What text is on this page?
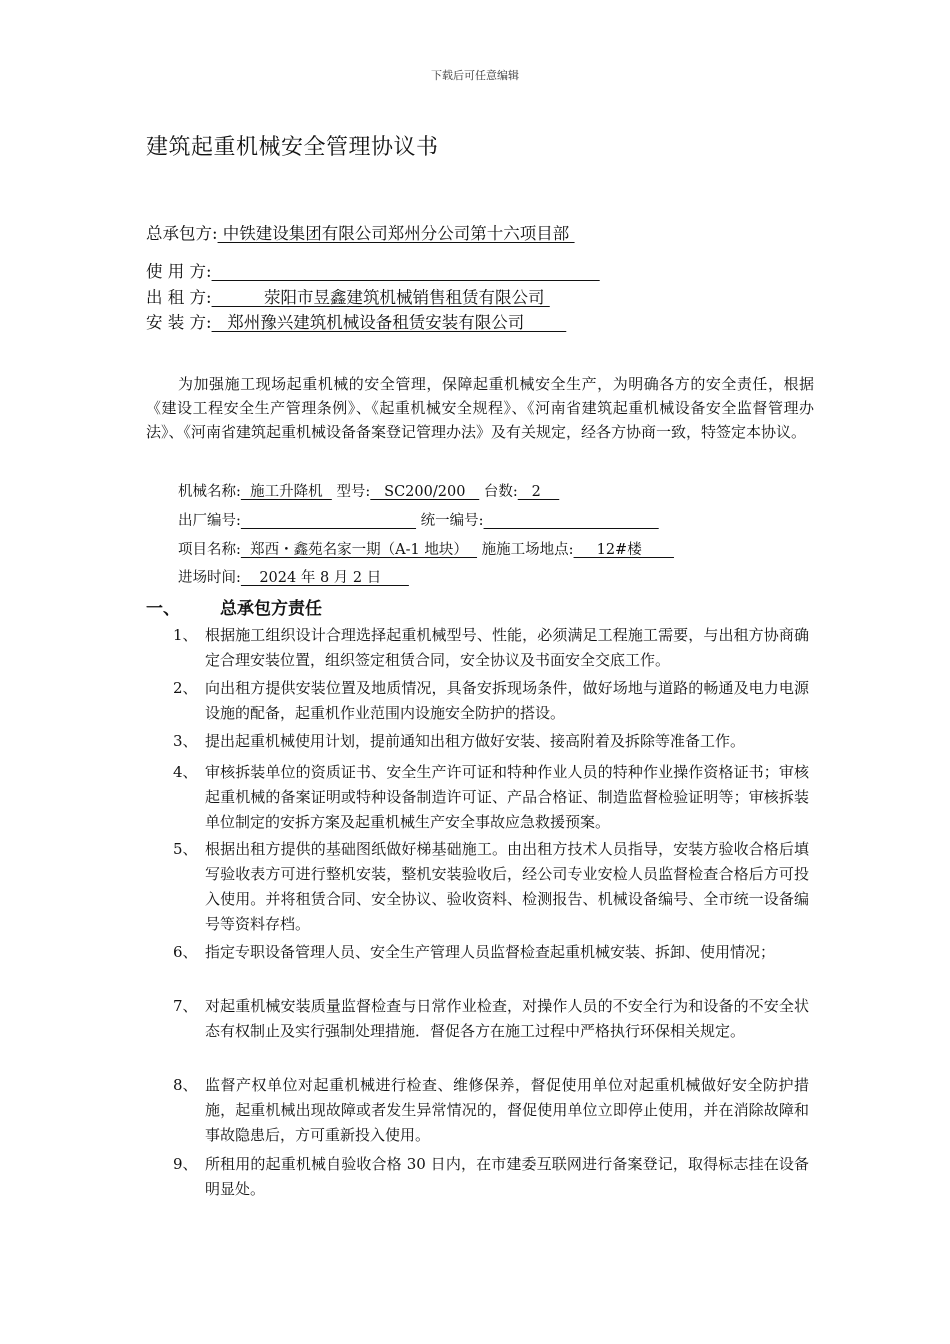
下载后可任意编辑
建筑起重机械安全管理协议书
总承包方: 中铁建设集团有限公司郑州分公司第十六项目部
使 用 方:
出 租 方:          荥阳市昱鑫建筑机械销售租赁有限公司
安 装 方:   郑州豫兴建筑机械设备租赁安装有限公司
为加强施工现场起重机械的安全管理，保障起重机械安全生产，为明确各方的安全责任，根据《建设工程安全生产管理条例》、《起重机械安全规程》、《河南省建筑起重机械设备安全监督管理办法》、《河南省建筑起重机械设备备案登记管理办法》及有关规定，经各方协商一致，特签定本协议。
机械名称:  施工升降机   型号:   SC200/200    台数:   2
出厂编号:	统一编号:
项目名称:  郑西・鑫苑名家一期（A-1 地块）   施施工场地点:     12#楼
进场时间:    2024 年 8 月 2 日
一、 总承包方责任
1、 根据施工组织设计合理选择起重机械型号、性能，必须满足工程施工需要，与出租方协商确定合理安装位置，组织签定租赁合同，安全协议及书面安全交底工作。
2、 向出租方提供安装位置及地质情况，具备安拆现场条件，做好场地与道路的畅通及电力电源设施的配备，起重机作业范围内设施安全防护的搭设。
3、 提出起重机械使用计划，提前通知出租方做好安装、接高附着及拆除等准备工作。
4、 审核拆装单位的资质证书、安全生产许可证和特种作业人员的特种作业操作资格证书；审核起重机械的备案证明或特种设备制造许可证、产品合格证、制造监督检验证明等；审核拆装单位制定的安拆方案及起重机械生产安全事故应急救援预案。
5、 根据出租方提供的基础图纸做好梯基础施工。由出租方技术人员指导，安装方验收合格后填写验收表方可进行整机安装，整机安装验收后，经公司专业安检人员监督检查合格后方可投入使用。并将租赁合同、安全协议、验收资料、检测报告、机械设备编号、全市统一设备编号等资料存档。
6、 指定专职设备管理人员、安全生产管理人员监督检查起重机械安装、拆卸、使用情况；
7、 对起重机械安装质量监督检查与日常作业检查，对操作人员的不安全行为和设备的不安全状态有权制止及实行强制处理措施．督促各方在施工过程中严格执行环保相关规定。
8、 监督产权单位对起重机械进行检查、维修保养，督促使用单位对起重机械做好安全防护措施，起重机械出现故障或者发生异常情况的，督促使用单位立即停止使用，并在消除故障和事故隐患后，方可重新投入使用。
9、 所租用的起重机械自验收合格 30 日内，在市建委互联网进行备案登记，取得标志挂在设备明显处。
